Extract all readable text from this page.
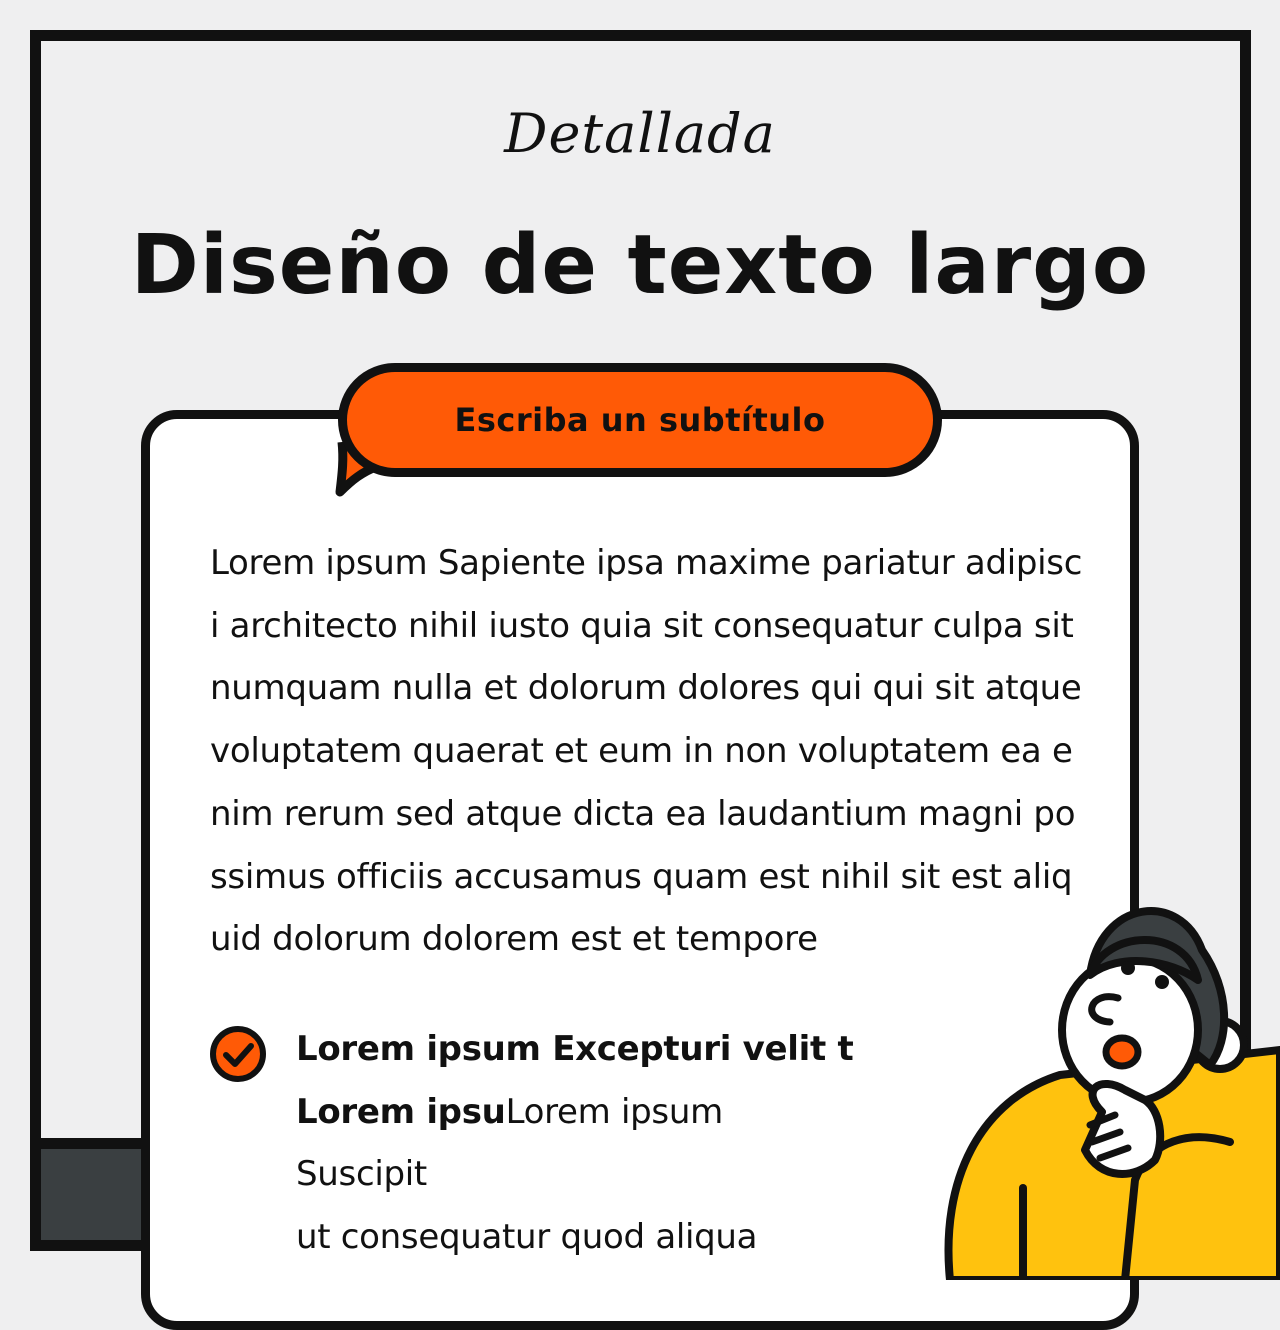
Detallada
Diseño de texto largo
Escriba un subtítulo
Lorem ipsum Sapiente ipsa maxime pariatur adipisci architecto nihil iusto quia sit consequatur culpa sit numquam nulla et dolorum dolores qui qui sit atque voluptatem quaerat et eum in non voluptatem ea enim rerum sed atque dicta ea laudantium magni possimus officiis accusamus quam est nihil sit est aliquid dolorum dolorem est et tempore
Lorem ipsum Excepturi velit t
Lorem ipsuLorem ipsum Suscipit
ut consequatur quod aliqua
